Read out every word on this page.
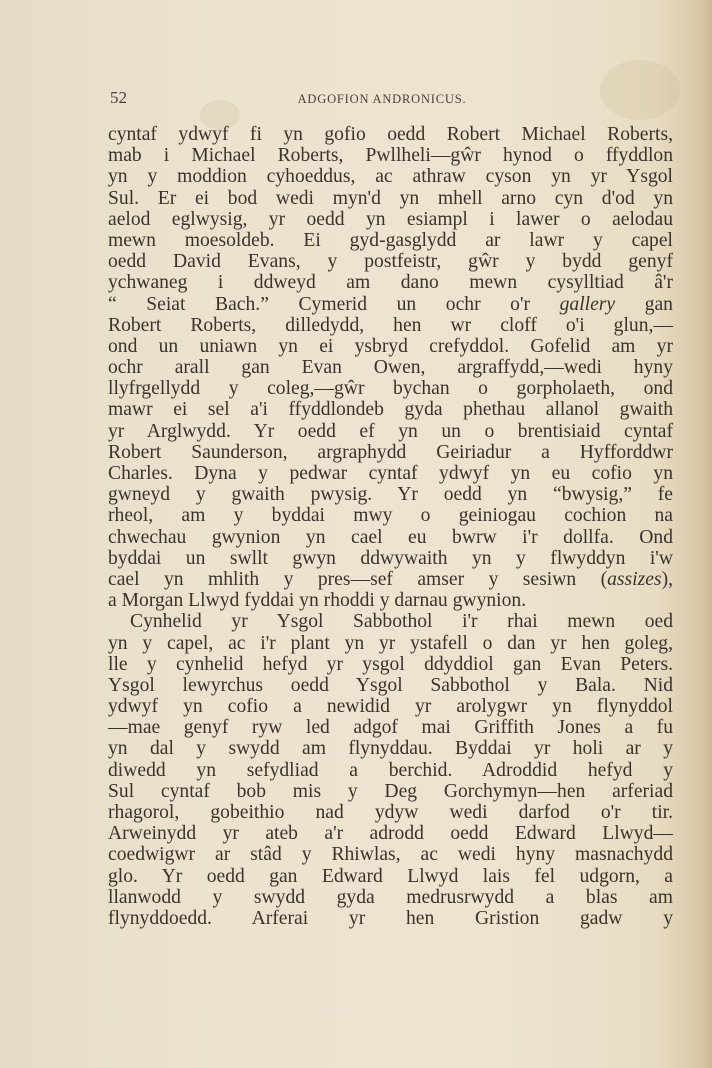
52	ADGOFION ANDRONICUS.
cyntaf ydwyf fi yn gofio oedd Robert Michael Roberts,
mab i Michael Roberts, Pwllheli—gŵr hynod o ffyddlon
yn y moddion cyhoeddus, ac athraw cyson yn yr Ysgol
Sul. Er ei bod wedi myn'd yn mhell arno cyn d'od yn
aelod eglwysig, yr oedd yn esiampl i lawer o aelodau
mewn moesoldeb. Ei gyd-gasglydd ar lawr y capel
oedd David Evans, y postfeistr, gŵr y bydd genyf
ychwaneg i ddweyd am dano mewn cysylltiad â'r
“ Seiat Bach.” Cymerid un ochr o'r gallery gan
Robert Roberts, dilledydd, hen wr cloff o'i glun,—
ond un uniawn yn ei ysbryd crefyddol. Gofelid am yr
ochr arall gan Evan Owen, argraffydd,—wedi hyny
llyfrgellydd y coleg,—gŵr bychan o gorpholaeth, ond
mawr ei sel a'i ffyddlondeb gyda phethau allanol gwaith
yr Arglwydd. Yr oedd ef yn un o brentisiaid cyntaf
Robert Saunderson, argraphydd Geiriadur a Hyfforddwr
Charles. Dyna y pedwar cyntaf ydwyf yn eu cofio yn
gwneyd y gwaith pwysig. Yr oedd yn “bwysig,” fe
rheol, am y byddai mwy o geiniogau cochion na
chwechau gwynion yn cael eu bwrw i'r dollfa. Ond
byddai un swllt gwyn ddwywaith yn y flwyddyn i'w
cael yn mhlith y pres—sef amser y sesiwn (assizes),
a Morgan Llwyd fyddai yn rhoddi y darnau gwynion.
Cynhelid yr Ysgol Sabbothol i'r rhai mewn oed
yn y capel, ac i'r plant yn yr ystafell o dan yr hen goleg,
lle y cynhelid hefyd yr ysgol ddyddiol gan Evan Peters.
Ysgol lewyrchus oedd Ysgol Sabbothol y Bala. Nid
ydwyf yn cofio a newidid yr arolygwr yn flynyddol
—mae genyf ryw led adgof mai Griffith Jones a fu
yn dal y swydd am flynyddau. Byddai yr holi ar y
diwedd yn sefydliad a berchid. Adroddid hefyd y
Sul cyntaf bob mis y Deg Gorchymyn—hen arferiad
rhagorol, gobeithio nad ydyw wedi darfod o'r tir.
Arweinydd yr ateb a'r adrodd oedd Edward Llwyd—
coedwigwr ar stâd y Rhiwlas, ac wedi hyny masnachydd
glo. Yr oedd gan Edward Llwyd lais fel udgorn, a
llanwodd y swydd gyda medrusrwydd a blas am
flynyddoedd. Arferai yr hen Gristion gadw y
